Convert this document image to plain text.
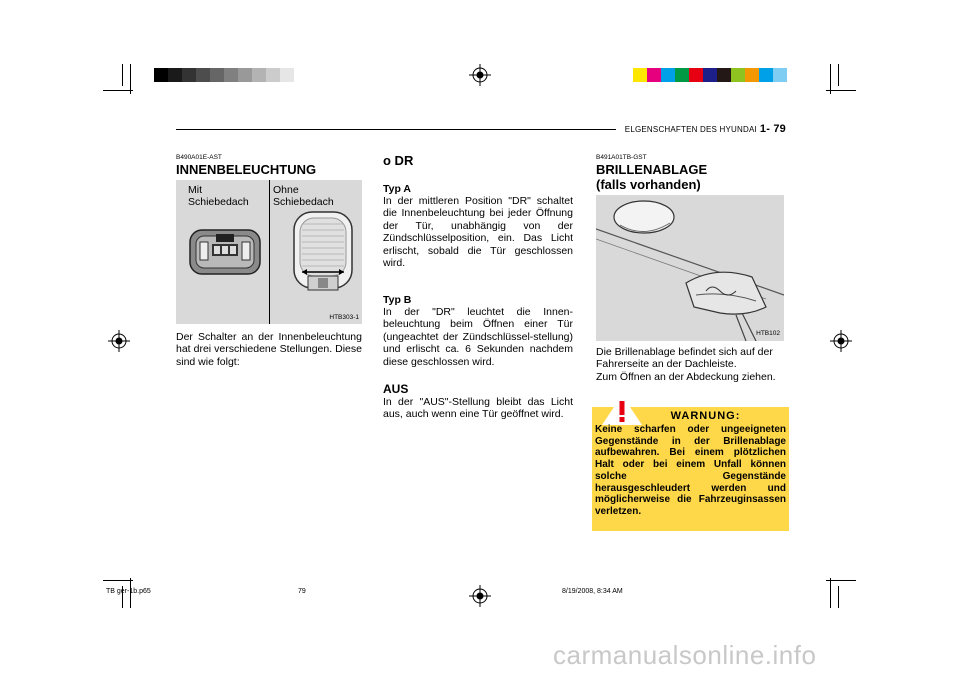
ELGENSCHAFTEN DES HYUNDAI 1- 79
B490A01E-AST
INNENBELEUCHTUNG
Mit
Schiebedach
Ohne
Schiebedach
HTB303-1
Der Schalter an der Innenbeleuchtung hat drei verschiedene Stellungen. Diese sind wie folgt:
o DR
Typ A
In der mittleren Position "DR" schaltet die Innenbeleuchtung bei jeder Öffnung der Tür, unabhängig von der Zündschlüsselposition, ein. Das Licht erlischt, sobald die Tür geschlossen wird.
Typ B
In der "DR" leuchtet die Innen-beleuchtung beim Öffnen einer Tür (ungeachtet der Zündschlüssel-stellung) und erlischt ca. 6 Sekunden nachdem diese geschlossen wird.
AUS
In der "AUS"-Stellung bleibt das Licht aus, auch wenn eine Tür geöffnet wird.
B491A01TB-GST
BRILLENABLAGE
(falls vorhanden)
HTB102
Die Brillenablage befindet sich auf der Fahrerseite an der Dachleiste.
Zum Öffnen an der Abdeckung ziehen.
WARNUNG:
Keine scharfen oder ungeeigneten Gegenstände in der Brillenablage aufbewahren. Bei einem plötzlichen Halt oder bei einem Unfall können solche Gegenstände herausgeschleudert werden und möglicherweise die Fahrzeuginsassen verletzen.
TB ger-1b.p65	79	8/19/2008, 8:34 AM
carmanualsonline.info
